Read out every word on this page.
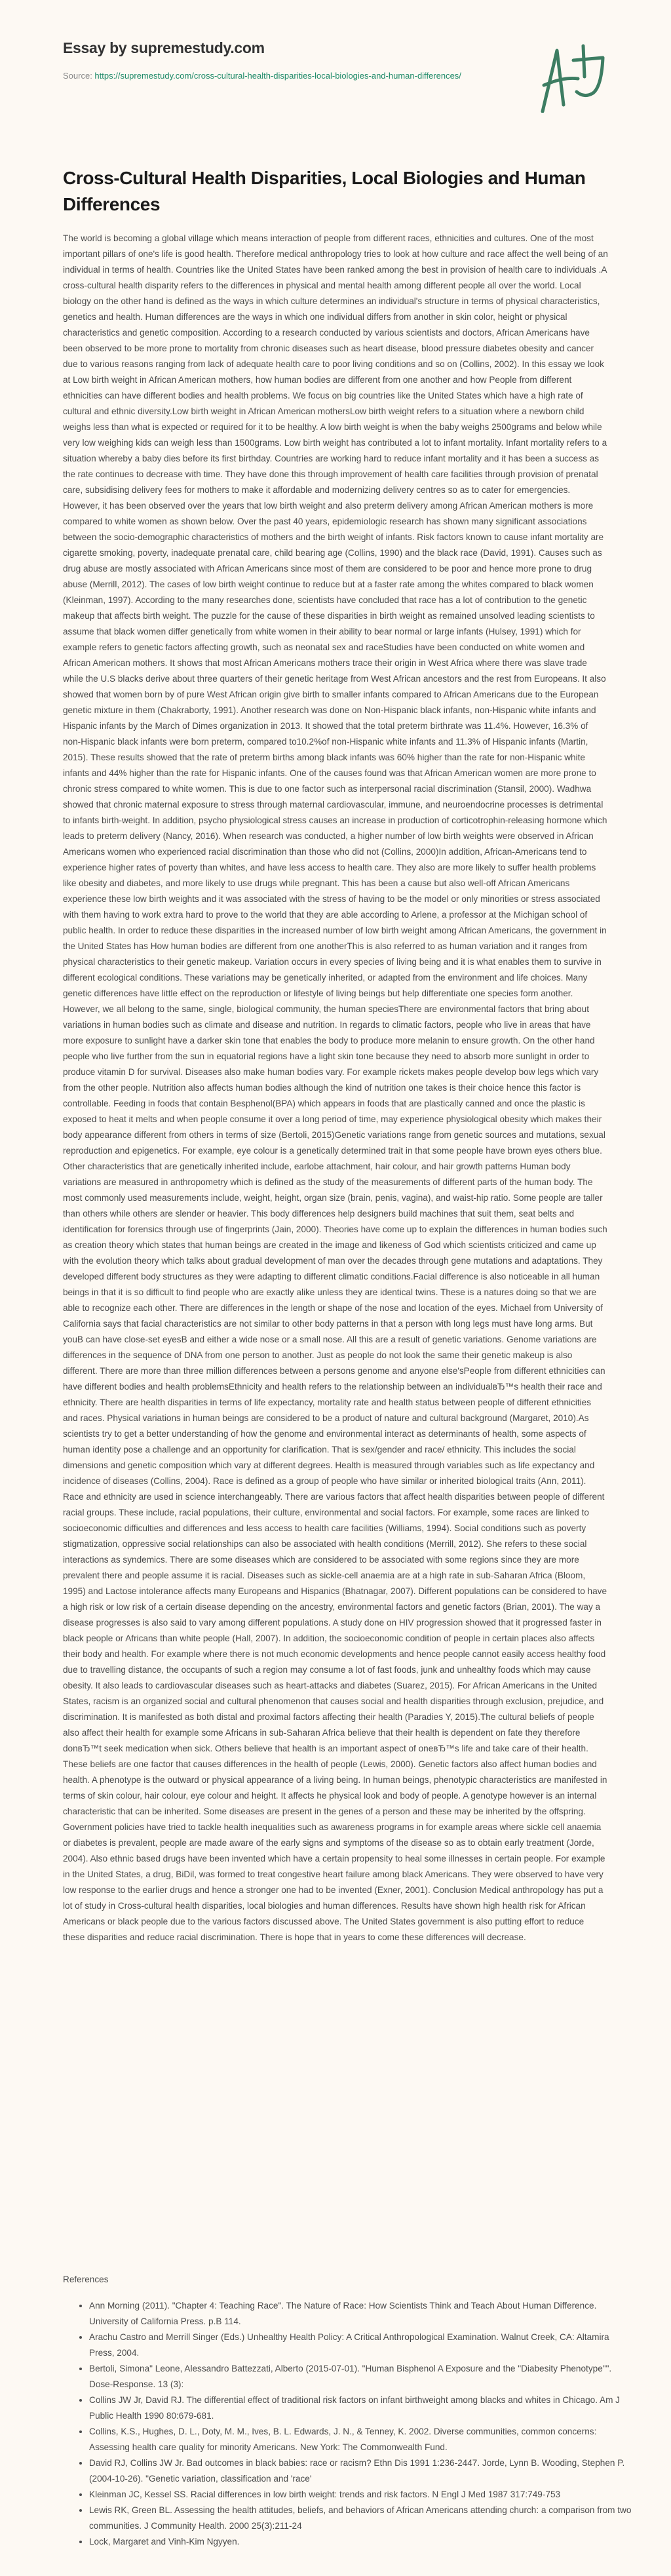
Essay by supremestudy.com
Source: https://supremestudy.com/cross-cultural-health-disparities-local-biologies-and-human-differences/
Cross-Cultural Health Disparities, Local Biologies and Human Differences

The world is becoming a global village which means interaction of people from different races, ethnicities and cultures. One of the most important pillars of one's life is good health. Therefore medical anthropology tries to look at how culture and race affect the well being of an individual in terms of health. Countries like the United States have been ranked among the best in provision of health care to individuals .A cross-cultural health disparity refers to the differences in physical and mental health among different people all over the world. Local biology on the other hand is defined as the ways in which culture determines an individual's structure in terms of physical characteristics, genetics and health. Human differences are the ways in which one individual differs from another in skin color, height or physical characteristics and genetic composition. According to a research conducted by various scientists and doctors, African Americans have been observed to be more prone to mortality from chronic diseases such as heart disease, blood pressure diabetes obesity and cancer due to various reasons ranging from lack of adequate health care to poor living conditions and so on (Collins, 2002). In this essay we look at Low birth weight in African American mothers, how human bodies are different from one another and how People from different ethnicities can have different bodies and health problems. We focus on big countries like the United States which have a high rate of cultural and ethnic diversity.Low birth weight in African American mothersLow birth weight refers to a situation where a newborn child weighs less than what is expected or required for it to be healthy. A low birth weight is when the baby weighs 2500grams and below while very low weighing kids can weigh less than 1500grams. Low birth weight has contributed a lot to infant mortality. Infant mortality refers to a situation whereby a baby dies before its first birthday. Countries are working hard to reduce infant mortality and it has been a success as the rate continues to decrease with time. They have done this through improvement of health care facilities through provision of prenatal care, subsidising delivery fees for mothers to make it affordable and modernizing delivery centres so as to cater for emergencies. However, it has been observed over the years that low birth weight and also preterm delivery among African American mothers is more compared to white women as shown below. Over the past 40 years, epidemiologic research has shown many significant associations between the socio-demographic characteristics of mothers and the birth weight of infants. Risk factors known to cause infant mortality are cigarette smoking, poverty, inadequate prenatal care, child bearing age (Collins, 1990) and the black race (David, 1991). Causes such as drug abuse are mostly associated with African Americans since most of them are considered to be poor and hence more prone to drug abuse (Merrill, 2012). The cases of low birth weight continue to reduce but at a faster rate among the whites compared to black women (Kleinman, 1997). According to the many researches done, scientists have concluded that race has a lot of contribution to the genetic makeup that affects birth weight. The puzzle for the cause of these disparities in birth weight as remained unsolved leading scientists to assume that black women differ genetically from white women in their ability to bear normal or large infants (Hulsey, 1991) which for example refers to genetic factors affecting growth, such as neonatal sex and raceStudies have been conducted on white women and African American mothers. It shows that most African Americans mothers trace their origin in West Africa where there was slave trade while the U.S blacks derive about three quarters of their genetic heritage from West African ancestors and the rest from Europeans. It also showed that women born by of pure West African origin give birth to smaller infants compared to African Americans due to the European genetic mixture in them (Chakraborty, 1991). Another research was done on Non-Hispanic black infants, non-Hispanic white infants and Hispanic infants by the March of Dimes organization in 2013. It showed that the total preterm birthrate was 11.4%. However, 16.3% of non-Hispanic black infants were born preterm, compared to10.2%of non-Hispanic white infants and 11.3% of Hispanic infants (Martin, 2015). These results showed that the rate of preterm births among black infants was 60% higher than the rate for non-Hispanic white infants and 44% higher than the rate for Hispanic infants. One of the causes found was that African American women are more prone to chronic stress compared to white women. This is due to one factor such as interpersonal racial discrimination (Stansil, 2000). Wadhwa showed that chronic maternal exposure to stress through maternal cardiovascular, immune, and neuroendocrine processes is detrimental to infants birth-weight. In addition, psycho physiological stress causes an increase in production of corticotrophin-releasing hormone which leads to preterm delivery (Nancy, 2016). When research was conducted, a higher number of low birth weights were observed in African Americans women who experienced racial discrimination than those who did not (Collins, 2000)In addition, African-Americans tend to experience higher rates of poverty than whites, and have less access to health care. They also are more likely to suffer health problems like obesity and diabetes, and more likely to use drugs while pregnant. This has been a cause but also well-off African Americans experience these low birth weights and it was associated with the stress of having to be the model or only minorities or stress associated with them having to work extra hard to prove to the world that they are able according to Arlene, a professor at the Michigan school of public health. In order to reduce these disparities in the increased number of low birth weight among African Americans, the government in the United States has How human bodies are different from one anotherThis is also referred to as human variation and it ranges from physical characteristics to their genetic makeup. Variation occurs in every species of living being and it is what enables them to survive in different ecological conditions. These variations may be genetically inherited, or adapted from the environment and life choices. Many genetic differences have little effect on the reproduction or lifestyle of living beings but help differentiate one species form another. However, we all belong to the same, single, biological community, the human speciesThere are environmental factors that bring about variations in human bodies such as climate and disease and nutrition. In regards to climatic factors, people who live in areas that have more exposure to sunlight have a darker skin tone that enables the body to produce more melanin to ensure growth. On the other hand people who live further from the sun in equatorial regions have a light skin tone because they need to absorb more sunlight in order to produce vitamin D for survival. Diseases also make human bodies vary. For example rickets makes people develop bow legs which vary from the other people. Nutrition also affects human bodies although the kind of nutrition one takes is their choice hence this factor is controllable. Feeding in foods that contain Besphenol(BPA) which appears in foods that are plastically canned and once the plastic is exposed to heat it melts and when people consume it over a long period of time, may experience physiological obesity which makes their body appearance different from others in terms of size (Bertoli, 2015)Genetic variations range from genetic sources and mutations, sexual reproduction and epigenetics. For example, eye colour is a genetically determined trait in that some people have brown eyes others blue. Other characteristics that are genetically inherited include, earlobe attachment, hair colour, and hair growth patterns Human body variations are measured in anthropometry which is defined as the study of the measurements of different parts of the human body. The most commonly used measurements include, weight, height, organ size (brain, penis, vagina), and waist-hip ratio. Some people are taller than others while others are slender or heavier. This body differences help designers build machines that suit them, seat belts and identification for forensics through use of fingerprints (Jain, 2000). Theories have come up to explain the differences in human bodies such as creation theory which states that human beings are created in the image and likeness of God which scientists criticized and came up with the evolution theory which talks about gradual development of man over the decades through gene mutations and adaptations. They developed different body structures as they were adapting to different climatic conditions.Facial difference is also noticeable in all human beings in that it is so difficult to find people who are exactly alike unless they are identical twins. These is a natures doing so that we are able to recognize each other. There are differences in the length or shape of the nose and location of the eyes. Michael from University of California says that facial characteristics are not similar to other body patterns in that a person with long legs must have long arms. But youB can have close-set eyesB and either a wide nose or a small nose. All this are a result of genetic variations. Genome variations are differences in the sequence of DNA from one person to another. Just as people do not look the same their genetic makeup is also different. There are more than three million differences between a persons genome and anyone else'sPeople from different ethnicities can have different bodies and health problemsEthnicity and health refers to the relationship between an individualвЂ™s health their race and ethnicity. There are health disparities in terms of life expectancy, mortality rate and health status between people of different ethnicities and races. Physical variations in human beings are considered to be a product of nature and cultural background (Margaret, 2010).As scientists try to get a better understanding of how the genome and environmental interact as determinants of health, some aspects of human identity pose a challenge and an opportunity for clarification. That is sex/gender and race/ ethnicity. This includes the social dimensions and genetic composition which vary at different degrees. Health is measured through variables such as life expectancy and incidence of diseases (Collins, 2004). Race is defined as a group of people who have similar or inherited biological traits (Ann, 2011). Race and ethnicity are used in science interchangeably. There are various factors that affect health disparities between people of different racial groups. These include, racial populations, their culture, environmental and social factors. For example, some races are linked to socioeconomic difficulties and differences and less access to health care facilities (Williams, 1994). Social conditions such as poverty stigmatization, oppressive social relationships can also be associated with health conditions (Merrill, 2012). She refers to these social interactions as syndemics. There are some diseases which are considered to be associated with some regions since they are more prevalent there and people assume it is racial. Diseases such as sickle-cell anaemia are at a high rate in sub-Saharan Africa (Bloom, 1995) and Lactose intolerance affects many Europeans and Hispanics (Bhatnagar, 2007). Different populations can be considered to have a high risk or low risk of a certain disease depending on the ancestry, environmental factors and genetic factors (Brian, 2001). The way a disease progresses is also said to vary among different populations. A study done on HIV progression showed that it progressed faster in black people or Africans than white people (Hall, 2007). In addition, the socioeconomic condition of people in certain places also affects their body and health. For example where there is not much economic developments and hence people cannot easily access healthy food due to travelling distance, the occupants of such a region may consume a lot of fast foods, junk and unhealthy foods which may cause obesity. It also leads to cardiovascular diseases such as heart-attacks and diabetes (Suarez, 2015). For African Americans in the United States, racism is an organized social and cultural phenomenon that causes social and health disparities through exclusion, prejudice, and discrimination. It is manifested as both distal and proximal factors affecting their health (Paradies Y, 2015).The cultural beliefs of people also affect their health for example some Africans in sub-Saharan Africa believe that their health is dependent on fate they therefore donвЂ™t seek medication when sick. Others believe that health is an important aspect of oneвЂ™s life and take care of their health. These beliefs are one factor that causes differences in the health of people (Lewis, 2000). Genetic factors also affect human bodies and health. A phenotype is the outward or physical appearance of a living being. In human beings, phenotypic characteristics are manifested in terms of skin colour, hair colour, eye colour and height. It affects he physical look and body of people. A genotype however is an internal characteristic that can be inherited. Some diseases are present in the genes of a person and these may be inherited by the offspring. Government policies have tried to tackle health inequalities such as awareness programs in for example areas where sickle cell anaemia or diabetes is prevalent, people are made aware of the early signs and symptoms of the disease so as to obtain early treatment (Jorde, 2004). Also ethnic based drugs have been invented which have a certain propensity to heal some illnesses in certain people. For example in the United States, a drug, BiDil, was formed to treat congestive heart failure among black Americans. They were observed to have very low response to the earlier drugs and hence a stronger one had to be invented (Exner, 2001). Conclusion Medical anthropology has put a lot of study in Cross-cultural health disparities, local biologies and human differences. Results have shown high health risk for African Americans or black people due to the various factors discussed above. The United States government is also putting effort to reduce these disparities and reduce racial discrimination. There is hope that in years to come these differences will decrease.

References
• Ann Morning (2011). "Chapter 4: Teaching Race". The Nature of Race: How Scientists Think and Teach About Human Difference. University of California Press. p.B 114.
• Arachu Castro and Merrill Singer (Eds.) Unhealthy Health Policy: A Critical Anthropological Examination. Walnut Creek, CA: Altamira Press, 2004.
• Bertoli, Simona" Leone, Alessandro Battezzati, Alberto (2015-07-01). "Human Bisphenol A Exposure and the "Diabesity Phenotype"". Dose-Response. 13 (3):
• Collins JW Jr, David RJ. The differential effect of traditional risk factors on infant birthweight among blacks and whites in Chicago. Am J Public Health 1990 80:679-681.
• Collins, K.S., Hughes, D. L., Doty, M. M., Ives, B. L. Edwards, J. N., & Tenney, K. 2002. Diverse communities, common concerns: Assessing health care quality for minority Americans. New York: The Commonwealth Fund.
• David RJ, Collins JW Jr. Bad outcomes in black babies: race or racism? Ethn Dis 1991 1:236-2447. Jorde, Lynn B. Wooding, Stephen P. (2004-10-26). "Genetic variation, classification and 'race'
• Kleinman JC, Kessel SS. Racial differences in low birth weight: trends and risk factors. N Engl J Med 1987 317:749-753
• Lewis RK, Green BL. Assessing the health attitudes, beliefs, and behaviors of African Americans attending church: a comparison from two communities. J Community Health. 2000 25(3):211-24
• Lock, Margaret and Vinh-Kim Ngyyen.
